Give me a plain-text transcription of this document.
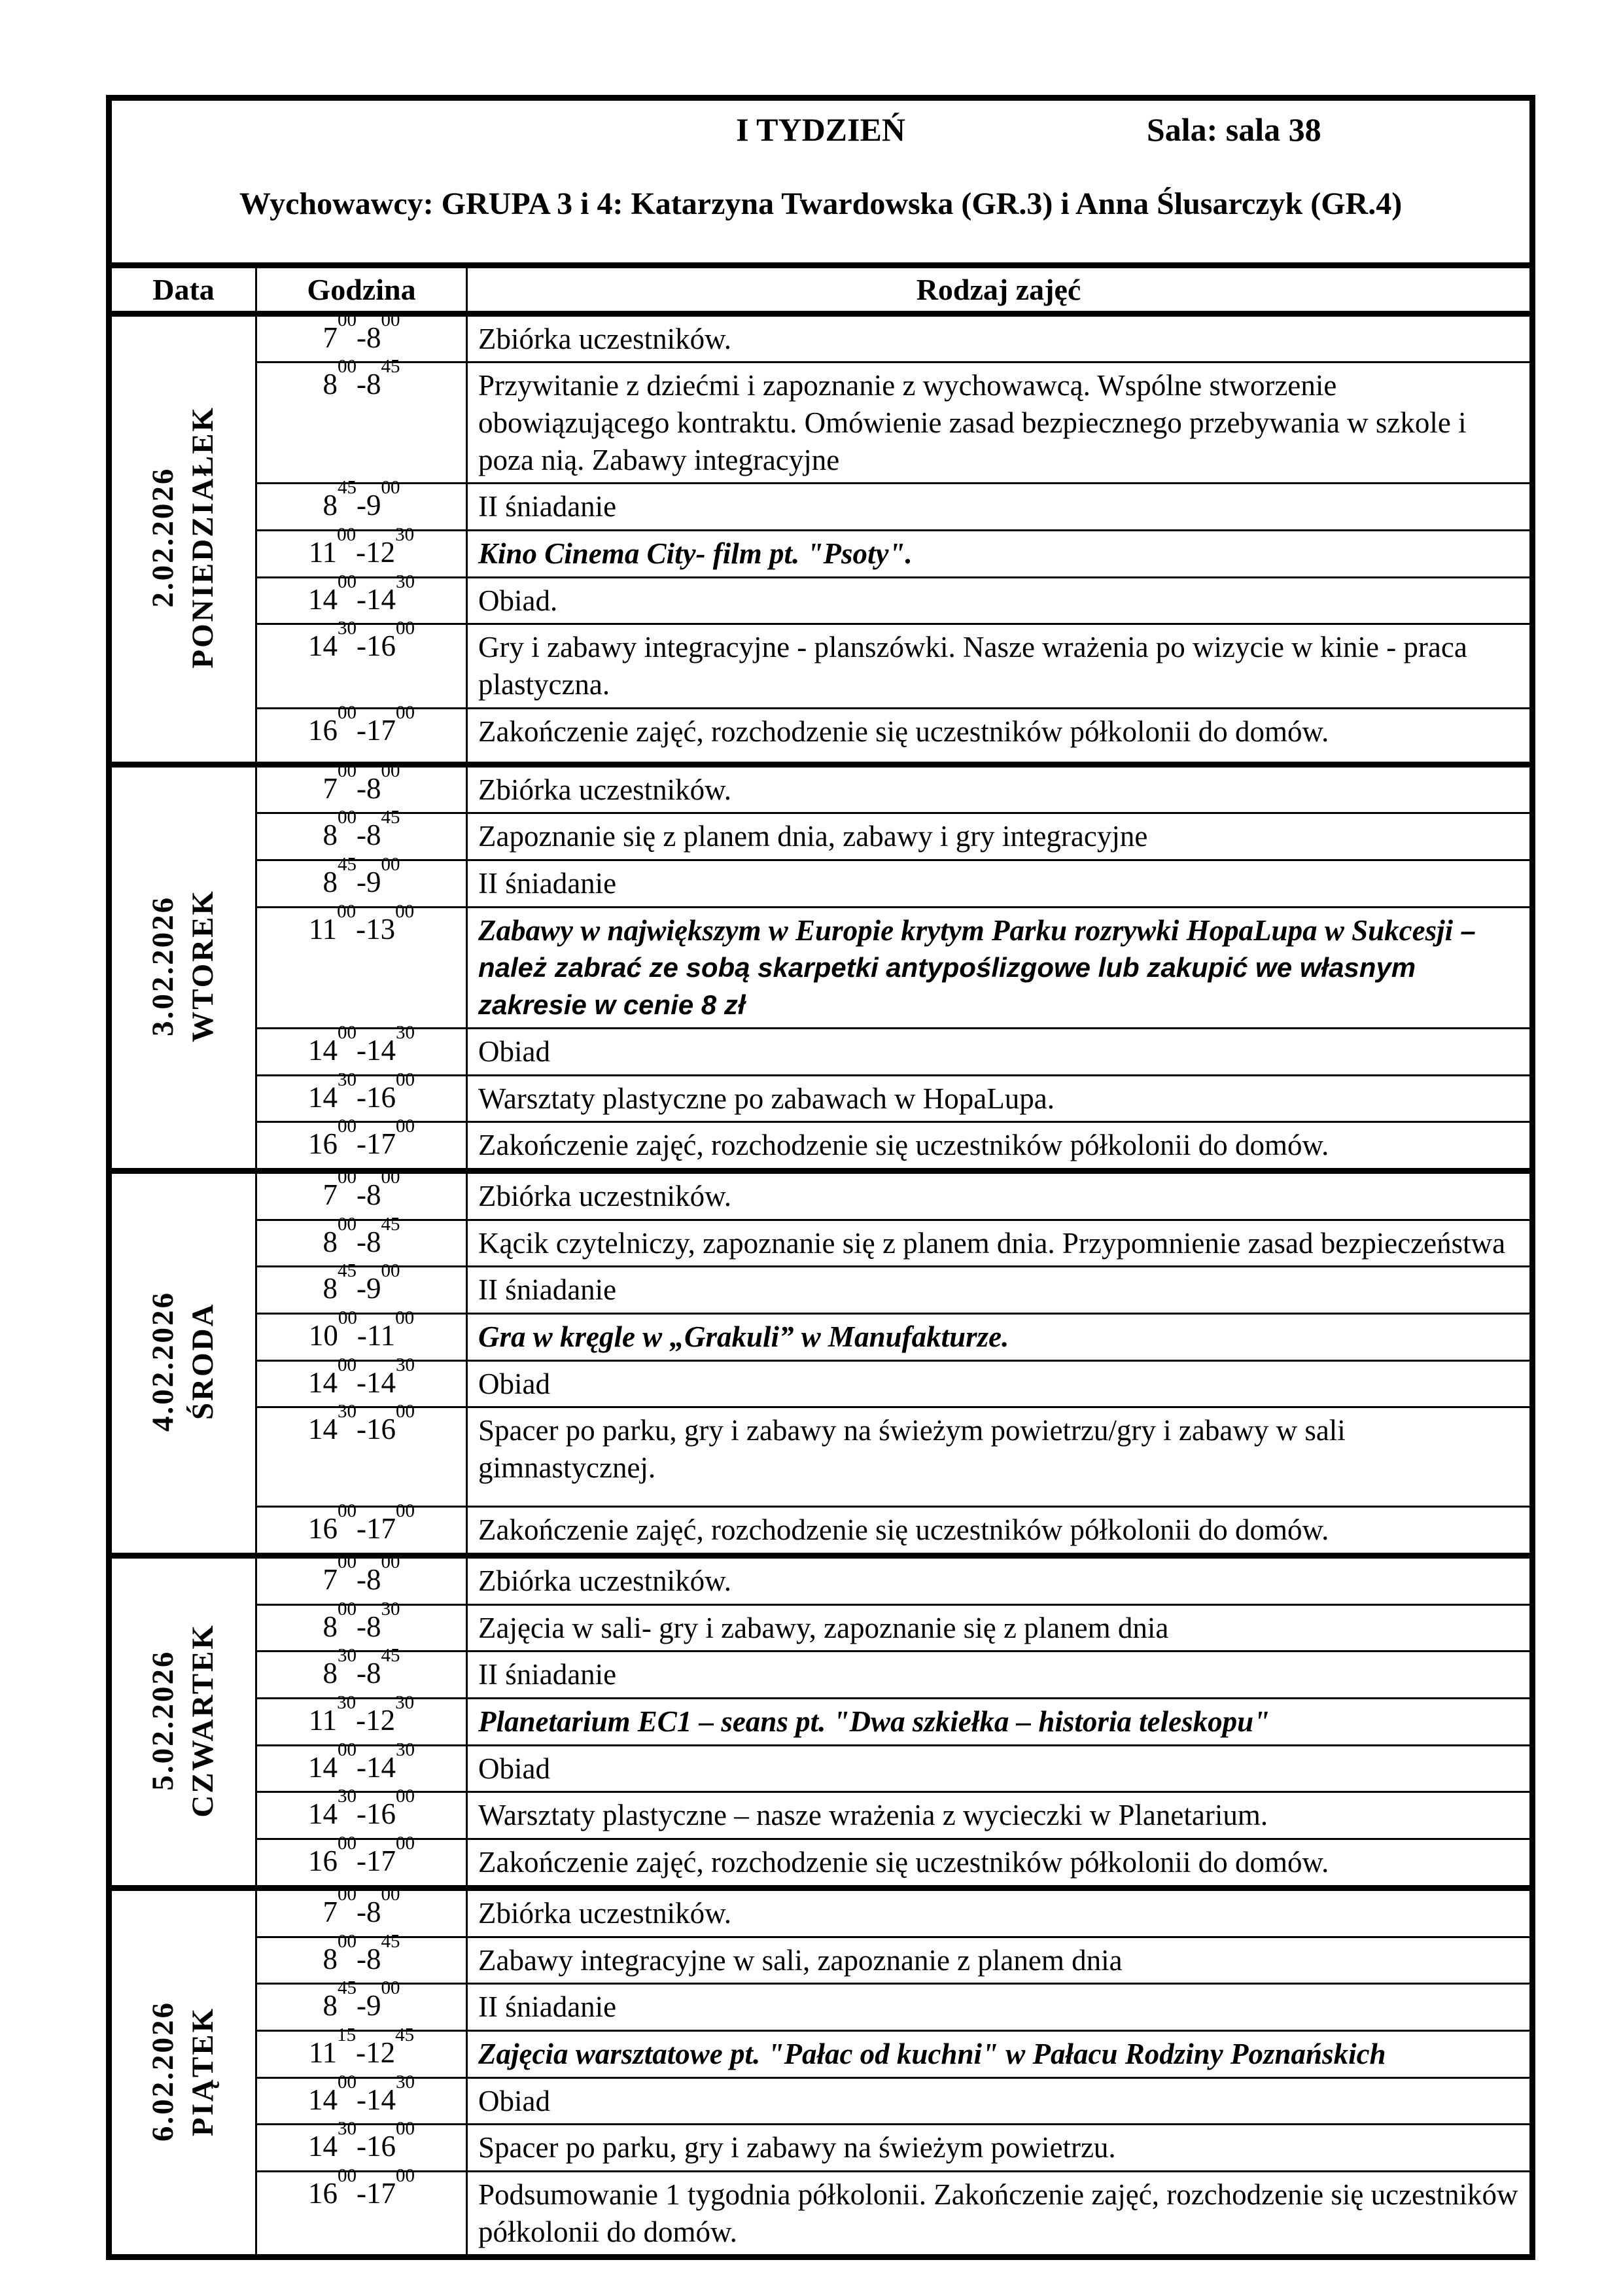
I TYDZIEŃ Sala: sala 38
Wychowawcy: GRUPA 3 i 4: Katarzyna Twardowska (GR.3) i Anna Ślusarczyk (GR.4)		

Data	Godzina	Rodzaj zajęć

2.02.2026 PONIEDZIAŁEK	$7^{00}-8^{00}$	Zbiórka uczestników.
	$8^{00}-8^{45}$	Przywitanie z dziećmi i zapoznanie z wychowawcą. Wspólne stworzenie obowiązującego kontraktu. Omówienie zasad bezpiecznego przebywania w szkole i poza nią. Zabawy integracyjne
	$8^{45}-9^{00}$	II śniadanie
	$11^{00}-12^{30}$	Kino Cinema City- film pt. "Psoty".
	$14^{00}-14^{30}$	Obiad.
	$14^{30}-16^{00}$	Gry i zabawy integracyjne - planszówki. Nasze wrażenia po wizycie w kinie - praca plastyczna.
	$16^{00}-17^{00}$	Zakończenie zajęć, rozchodzenie się uczestników półkolonii do domów.

3.02.2026 WTOREK	$7^{00}-8^{00}$	Zbiórka uczestników.
	$8^{00}-8^{45}$	Zapoznanie się z planem dnia, zabawy i gry integracyjne
	$8^{45}-9^{00}$	II śniadanie
	$11^{00}-13^{00}$	Zabawy w największym w Europie krytym Parku rozrywki HopaLupa w Sukcesji – należ zabrać ze sobą skarpetki antypoślizgowe lub zakupić we własnym zakresie w cenie 8 zł
	$14^{00}-14^{30}$	Obiad
	$14^{30}-16^{00}$	Warsztaty plastyczne po zabawach w HopaLupa.
	$16^{00}-17^{00}$	Zakończenie zajęć, rozchodzenie się uczestników półkolonii do domów.

4.02.2026 ŚRODA	$7^{00}-8^{00}$	Zbiórka uczestników.
	$8^{00}-8^{45}$	Kącik czytelniczy, zapoznanie się z planem dnia. Przypomnienie zasad bezpieczeństwa
	$8^{45}-9^{00}$	II śniadanie
	$10^{00}-11^{00}$	Gra w kręgle w „Grakuli” w Manufakturze.
	$14^{00}-14^{30}$	Obiad
	$14^{30}-16^{00}$	Spacer po parku, gry i zabawy na świeżym powietrzu/gry i zabawy w sali gimnastycznej.
	$16^{00}-17^{00}$	Zakończenie zajęć, rozchodzenie się uczestników półkolonii do domów.

5.02.2026 CZWARTEK	$7^{00}-8^{00}$	Zbiórka uczestników.
	$8^{00}-8^{30}$	Zajęcia w sali- gry i zabawy, zapoznanie się z planem dnia
	$8^{30}-8^{45}$	II śniadanie
	$11^{30}-12^{30}$	Planetarium EC1 – seans pt. "Dwa szkiełka – historia teleskopu"
	$14^{00}-14^{30}$	Obiad
	$14^{30}-16^{00}$	Warsztaty plastyczne – nasze wrażenia z wycieczki w Planetarium.
	$16^{00}-17^{00}$	Zakończenie zajęć, rozchodzenie się uczestników półkolonii do domów.

6.02.2026 PIĄTEK	$7^{00}-8^{00}$	Zbiórka uczestników.
	$8^{00}-8^{45}$	Zabawy integracyjne w sali, zapoznanie z planem dnia
	$8^{45}-9^{00}$	II śniadanie
	$11^{15}-12^{45}$	Zajęcia warsztatowe pt. "Pałac od kuchni" w Pałacu Rodziny Poznańskich
	$14^{00}-14^{30}$	Obiad
	$14^{30}-16^{00}$	Spacer po parku, gry i zabawy na świeżym powietrzu.
	$16^{00}-17^{00}$	Podsumowanie 1 tygodnia półkolonii. Zakończenie zajęć, rozchodzenie się uczestników półkolonii do domów.
